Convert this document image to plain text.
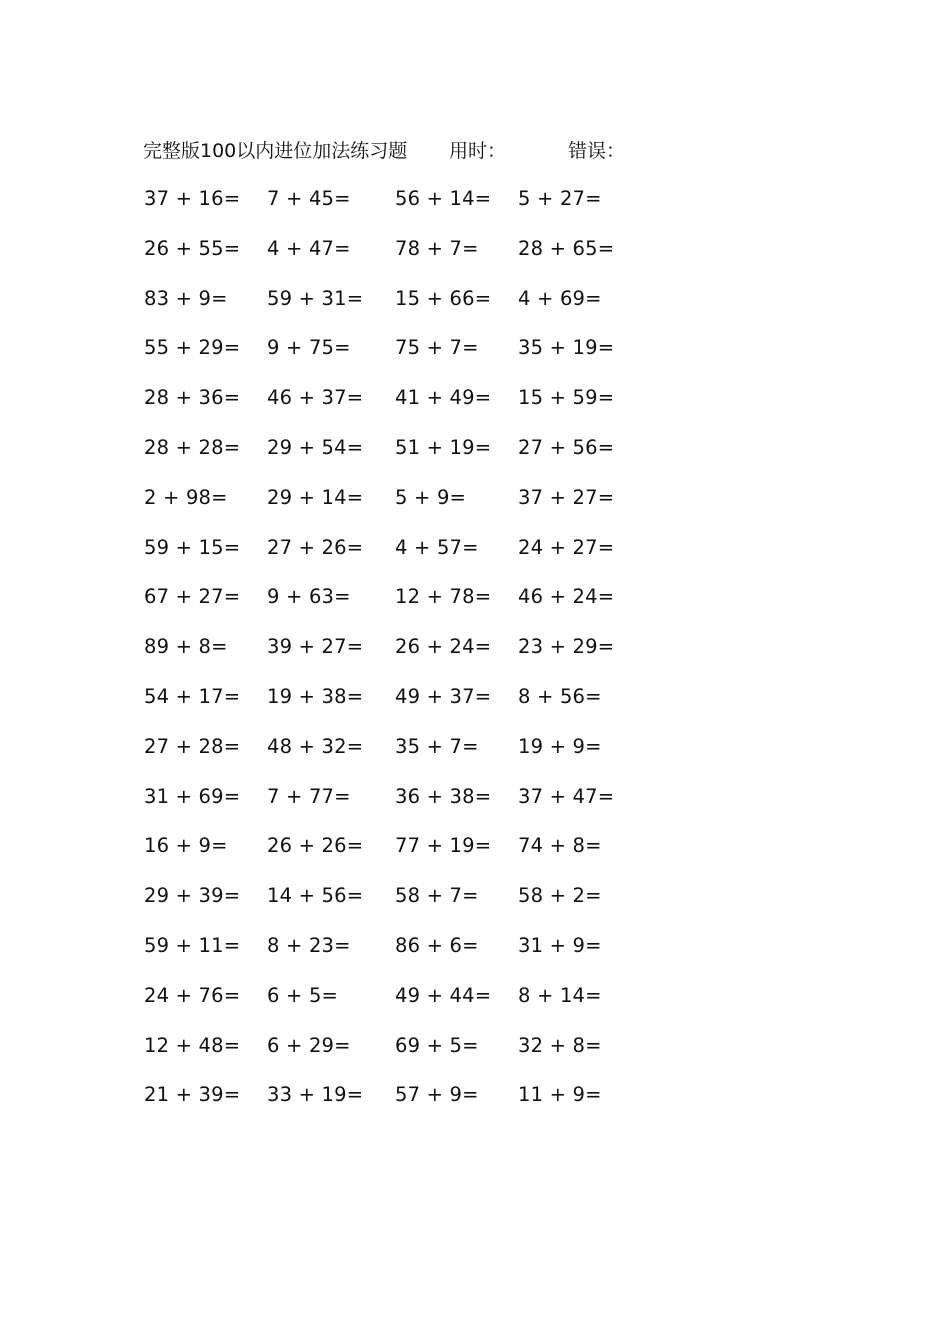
完整版100以内进位加法练习题 用时：	错误：
37 + 16= 7 + 45= 56 + 14= 5 + 27=
26 + 55= 4 + 47= 78 + 7= 28 + 65=
83 + 9= 59 + 31= 15 + 66= 4 + 69=
55 + 29= 9 + 75= 75 + 7= 35 + 19=
28 + 36= 46 + 37= 41 + 49= 15 + 59=
28 + 28= 29 + 54= 51 + 19= 27 + 56=
2 + 98= 29 + 14= 5 + 9=	37 + 27=
59 + 15= 27 + 26= 4 + 57= 24 + 27=
67 + 27= 9 + 63= 12 + 78= 46 + 24=
89 + 8= 39 + 27= 26 + 24= 23 + 29=
54 + 17= 19 + 38= 49 + 37= 8 + 56=
27 + 28= 48 + 32= 35 + 7= 19 + 9=
31 + 69= 7 + 77= 36 + 38= 37 + 47=
16 + 9= 26 + 26= 77 + 19= 74 + 8=
29 + 39= 14 + 56= 58 + 7= 58 + 2=
59 + 11= 8 + 23= 86 + 6= 31 + 9=
24 + 76= 6 + 5=	49 + 44= 8 + 14=
12 + 48= 6 + 29= 69 + 5= 32 + 8=
21 + 39= 33 + 19= 57 + 9= 11 + 9=
